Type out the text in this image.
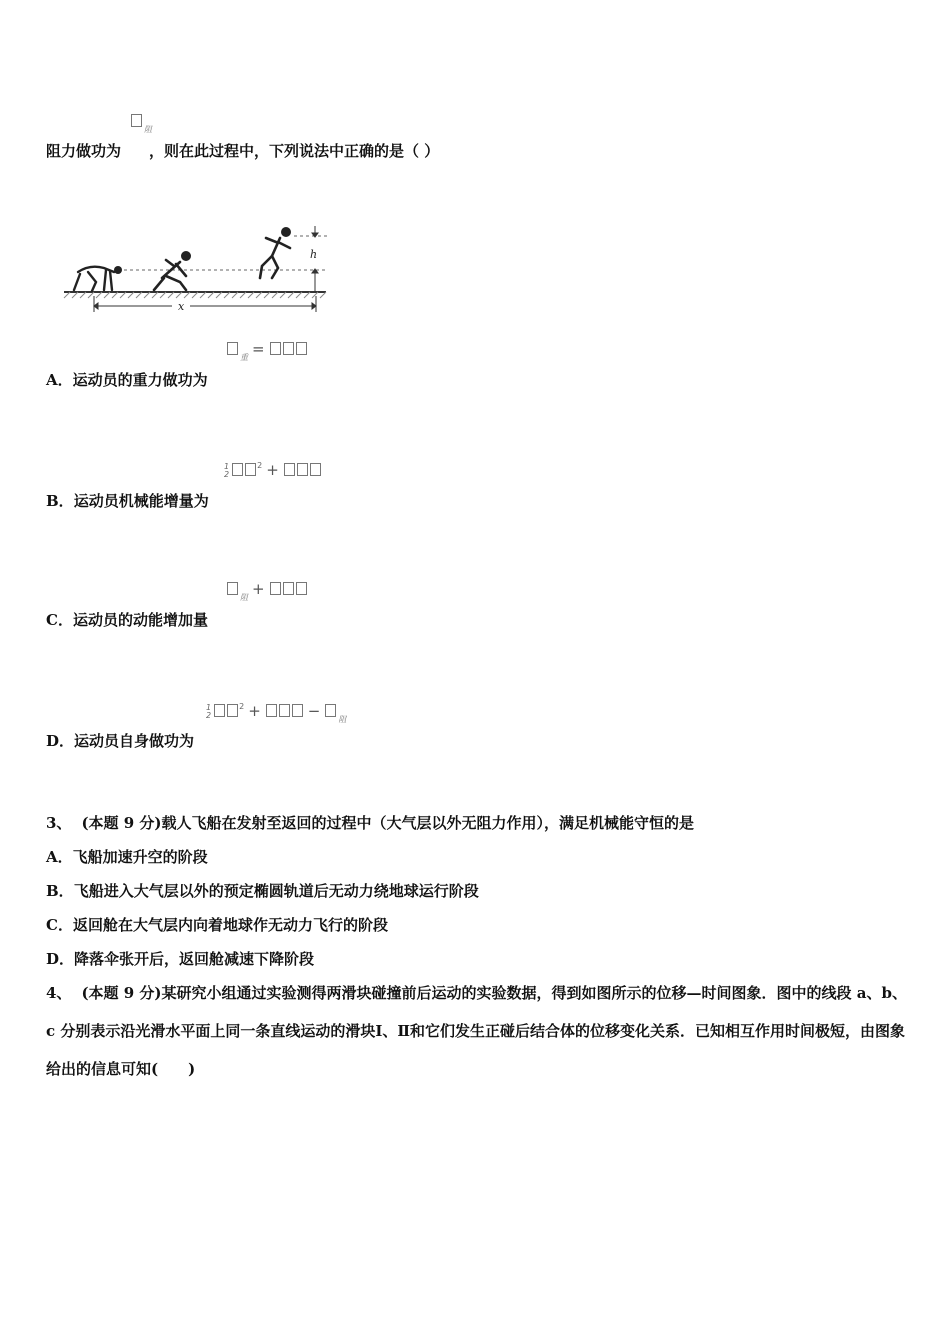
$_阻$
阻力做功为 ，则在此过程中，下列说法中正确的是（ ）
h
x
$_重$ =
A．运动员的重力做功为
1
2
$^2$ +
B．运动员机械能增量为
$_阻$ +
C．运动员的动能增加量
1
2
$^2$ +	− $_阻$
D．运动员自身做功为
3、 (本题 9 分)载人飞船在发射至返回的过程中（大气层以外无阻力作用），满足机械能守恒的是
A．飞船加速升空的阶段
B．飞船进入大气层以外的预定椭圆轨道后无动力绕地球运行阶段
C．返回舱在大气层内向着地球作无动力飞行的阶段
D．降落伞张开后，返回舱减速下降阶段
4、 (本题 9 分)某研究小组通过实验测得两滑块碰撞前后运动的实验数据，得到如图所示的位移—时间图象．图中的线段 a、b、c 分别表示沿光滑水平面上同一条直线运动的滑块Ⅰ、Ⅱ和它们发生正碰后结合体的位移变化关系．已知相互作用时间极短，由图象给出的信息可知(　　)
